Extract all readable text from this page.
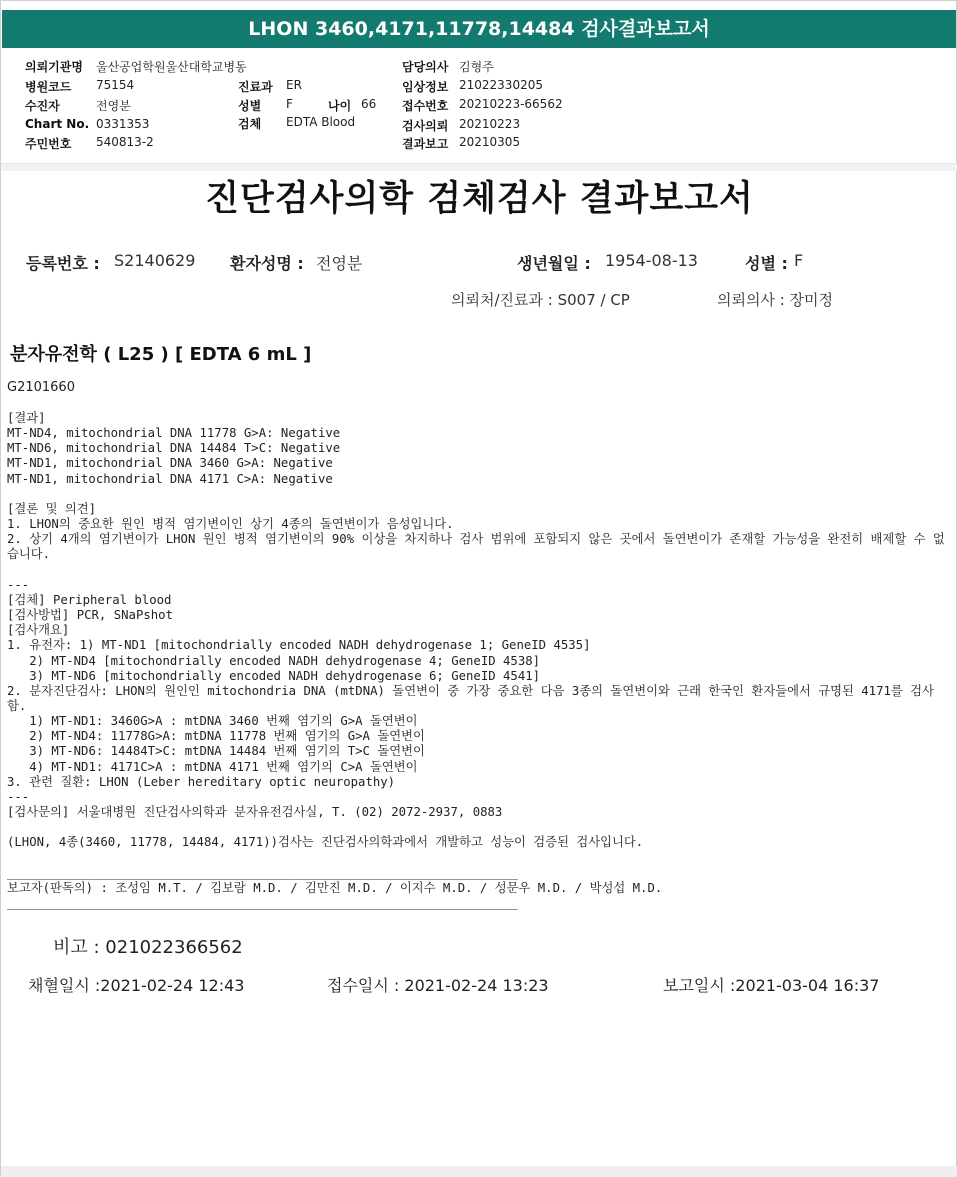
LHON 3460,4171,11778,14484 검사결과보고서
의뢰기관명 울산공업학원울산대학교병동
병원코드 75154
수진자	전영분
Chart No. 0331353
주민번호 540813-2
진료과 ER
성별 F	나이 66
검체 EDTA Blood
담당의사 김형주
임상정보 21022330205
접수번호 20210223-66562
검사의뢰 20210223
결과보고 20210305
진단검사의학 검체검사 결과보고서
등록번호 : S2140629 환자성명 : 전영분	생년월일 : 1954-08-13	성별 : F
의뢰처/진료과 : S007 / CP	의뢰의사 : 장미정
분자유전학 ( L25 ) [ EDTA 6 mL ]
G2101660
[결과]
MT-ND4, mitochondrial DNA 11778 G>A: Negative
MT-ND6, mitochondrial DNA 14484 T>C: Negative
MT-ND1, mitochondrial DNA 3460 G>A: Negative
MT-ND1, mitochondrial DNA 4171 C>A: Negative

[결론 및 의견]
1. LHON의 중요한 원인 병적 염기변이인 상기 4종의 돌연변이가 음성입니다.
2. 상기 4개의 염기변이가 LHON 원인 병적 염기변이의 90% 이상을 차지하나 검사 범위에 포함되지 않은 곳에서 돌연변이가 존재할 가능성을 완전히 배제할 수 없습니다.

---
[검체] Peripheral blood
[검사방법] PCR, SNaPshot
[검사개요]
1. 유전자: 1) MT-ND1 [mitochondrially encoded NADH dehydrogenase 1; GeneID 4535]
2) MT-ND4 [mitochondrially encoded NADH dehydrogenase 4; GeneID 4538]
3) MT-ND6 [mitochondrially encoded NADH dehydrogenase 6; GeneID 4541]
2. 분자진단검사: LHON의 원인인 mitochondria DNA (mtDNA) 돌연변이 중 가장 중요한 다음 3종의 돌연변이와 근래 한국인 환자들에서 규명된 4171를 검사함.
1) MT-ND1: 3460G>A : mtDNA 3460 번째 염기의 G>A 돌연변이
2) MT-ND4: 11778G>A: mtDNA 11778 번째 염기의 G>A 돌연변이
3) MT-ND6: 14484T>C: mtDNA 14484 번째 염기의 T>C 돌연변이
4) MT-ND1: 4171C>A : mtDNA 4171 번째 염기의 C>A 돌연변이
3. 관련 질환: LHON (Leber hereditary optic neuropathy)
---
[검사문의] 서울대병원 진단검사의학과 분자유전검사실, T. (02) 2072-2937, 0883

(LHON, 4종(3460, 11778, 14484, 4171))검사는 진단검사의학과에서 개발하고 성능이 검증된 검사입니다.

_____________________________________________________________________
보고자(판독의) : 조성임 M.T. / 김보람 M.D. / 김만진 M.D. / 이지수 M.D. / 성문우 M.D. / 박성섭 M.D.
_____________________________________________________________________
비고 : 021022366562
채혈일시 :2021-02-24 12:43	접수일시 : 2021-02-24 13:23	보고일시 :2021-03-04 16:37
